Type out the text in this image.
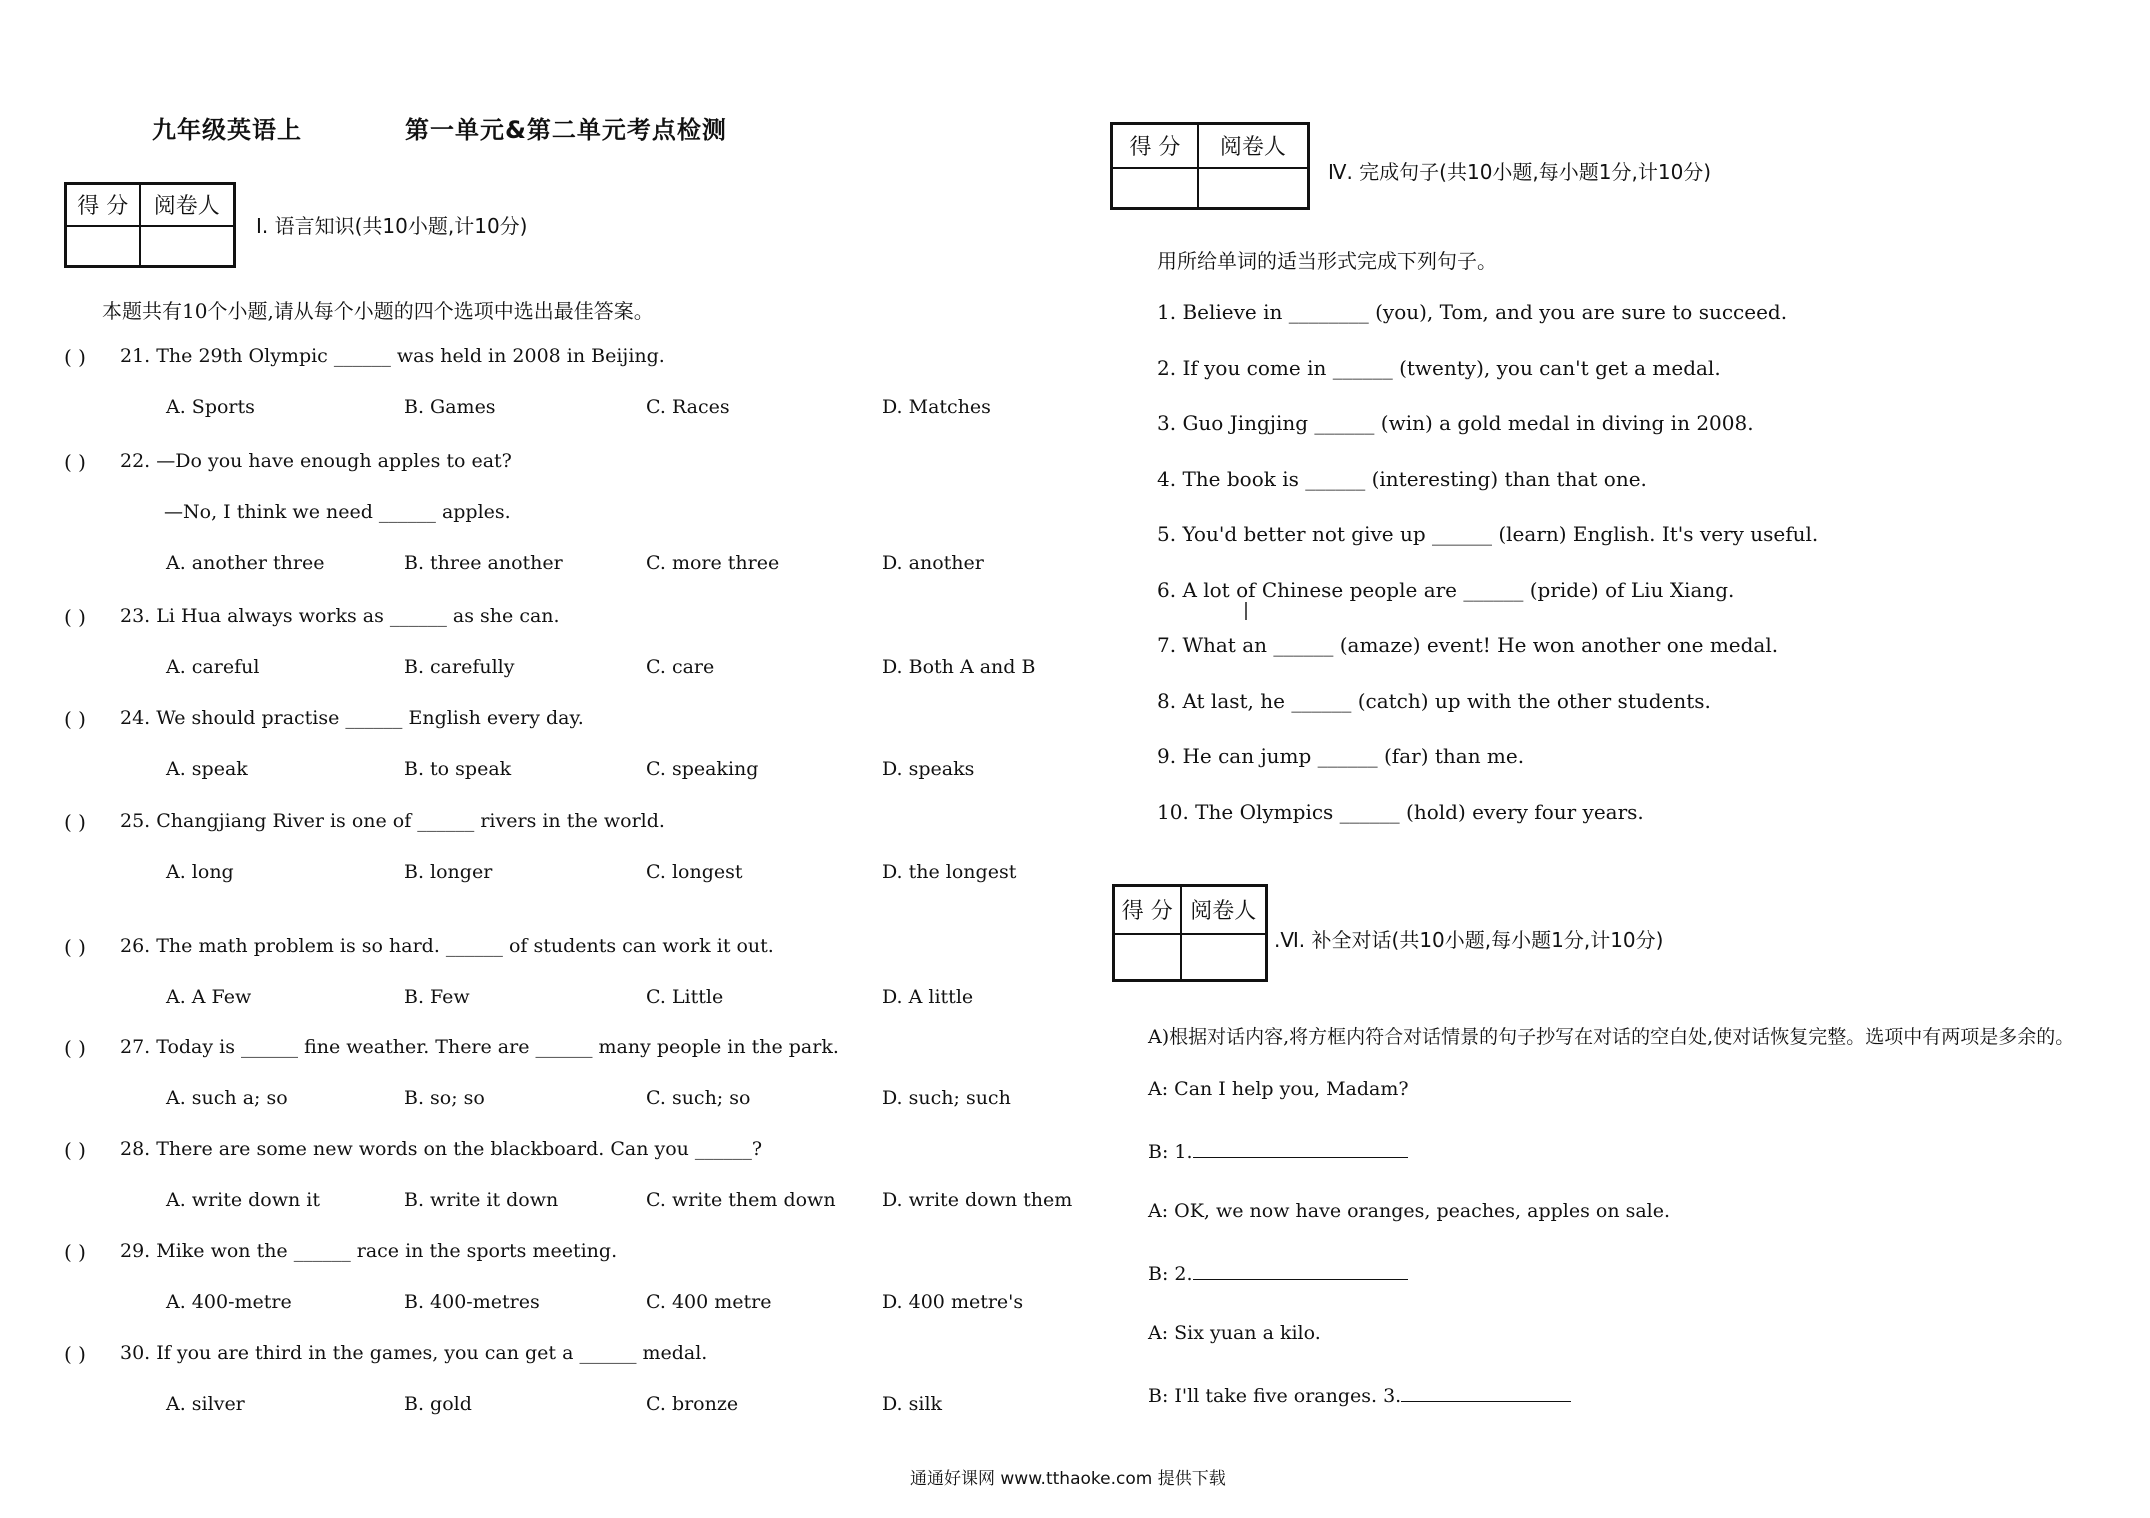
九年级英语上	第一单元&第二单元考点检测
得 分	阅卷人

Ⅰ. 语言知识(共10小题,计10分)
本题共有10个小题,请从每个小题的四个选项中选出最佳答案。
( ) 21. The 29th Olympic ______ was held in 2008 in Beijing.
A. Sports	B. Games	C. Races	D. Matches
( ) 22. —Do you have enough apples to eat?
—No, I think we need ______ apples.
A. another three	B. three another	C. more three	D. another
( ) 23. Li Hua always works as ______ as she can.
A. careful	B. carefully	C. care	D. Both A and B
( ) 24. We should practise ______ English every day.
A. speak	B. to speak	C. speaking	D. speaks
( ) 25. Changjiang River is one of ______ rivers in the world.
A. long	B. longer	C. longest	D. the longest
( ) 26. The math problem is so hard. ______ of students can work it out.
A. A Few	B. Few	C. Little	D. A little
( ) 27. Today is ______ fine weather. There are ______ many people in the park.
A. such a; so	B. so; so	C. such; so	D. such; such
( ) 28. There are some new words on the blackboard. Can you ______?
A. write down it	B. write it down	C. write them down D. write down them
( ) 29. Mike won the ______ race in the sports meeting.
A. 400-metre	B. 400-metres	C. 400 metre	D. 400 metre's
( ) 30. If you are third in the games, you can get a ______ medal.
A. silver	B. gold	C. bronze	D. silk
得 分	阅卷人

Ⅳ. 完成句子(共10小题,每小题1分,计10分)
用所给单词的适当形式完成下列句子。
1. Believe in ________ (you), Tom, and you are sure to succeed.
2. If you come in ______ (twenty), you can't get a medal.
3. Guo Jingjing ______ (win) a gold medal in diving in 2008.
4. The book is ______ (interesting) than that one.
5. You'd better not give up ______ (learn) English. It's very useful.
6. A lot of Chinese people are ______ (pride) of Liu Xiang.
7. What an ______ (amaze) event! He won another one medal.
8. At last, he ______ (catch) up with the other students.
9. He can jump ______ (far) than me.
10. The Olympics ______ (hold) every four years.
得 分	阅卷人

.Ⅵ. 补全对话(共10小题,每小题1分,计10分)
A)根据对话内容,将方框内符合对话情景的句子抄写在对话的空白处,使对话恢复完整。选项中有两项是多余的。
A: Can I help you, Madam?
B: 1.
A: OK, we now have oranges, peaches, apples on sale.
B: 2.
A: Six yuan a kilo.
B: I'll take five oranges. 3.
通通好课网 www.tthaoke.com 提供下载
